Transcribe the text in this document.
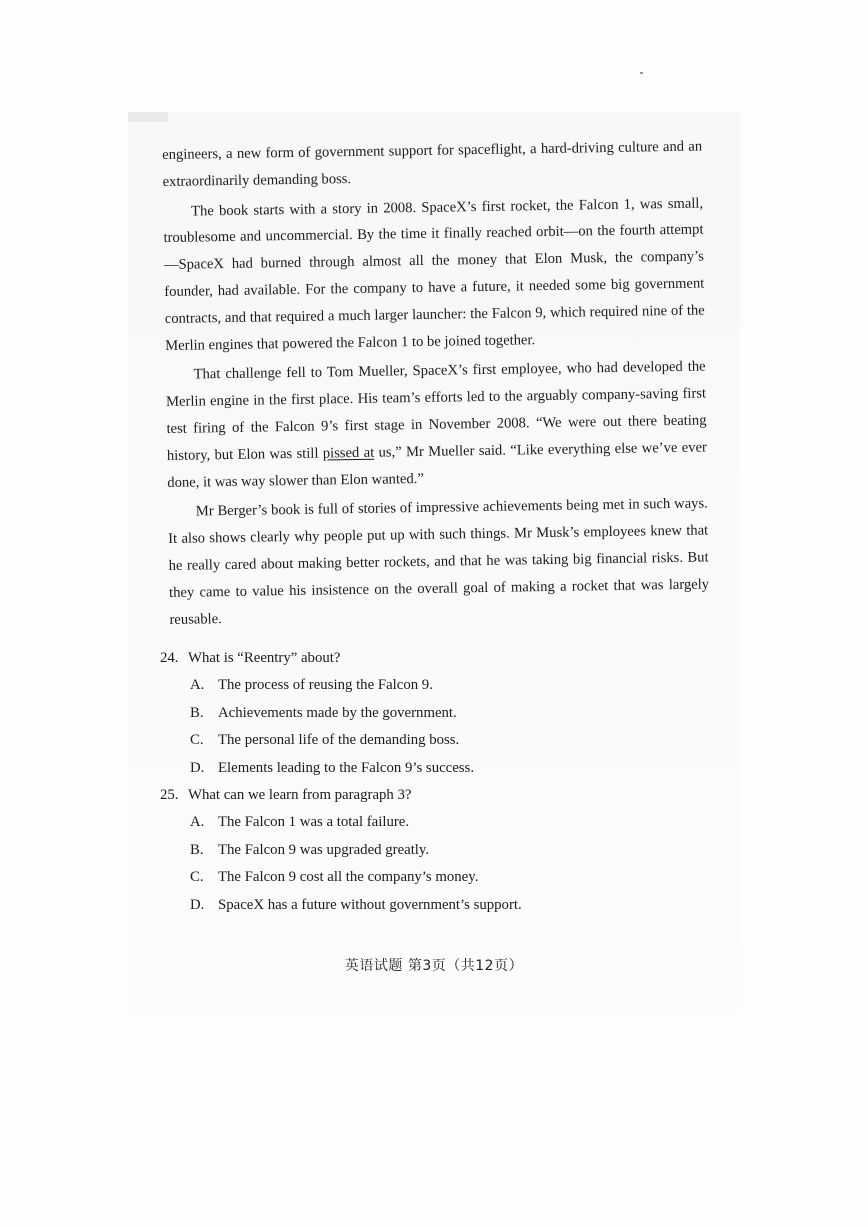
engineers, a new form of government support for spaceflight, a hard-driving culture and an extraordinarily demanding boss.

The book starts with a story in 2008. SpaceX’s first rocket, the Falcon 1, was small, troublesome and uncommercial. By the time it finally reached orbit—on the fourth attempt—SpaceX had burned through almost all the money that Elon Musk, the company’s founder, had available. For the company to have a future, it needed some big government contracts, and that required a much larger launcher: the Falcon 9, which required nine of the Merlin engines that powered the Falcon 1 to be joined together.

That challenge fell to Tom Mueller, SpaceX’s first employee, who had developed the Merlin engine in the first place. His team’s efforts led to the arguably company-saving first test firing of the Falcon 9’s first stage in November 2008. “We were out there beating history, but Elon was still pissed at us,” Mr Mueller said. “Like everything else we’ve ever done, it was way slower than Elon wanted.”

Mr Berger’s book is full of stories of impressive achievements being met in such ways. It also shows clearly why people put up with such things. Mr Musk’s employees knew that he really cared about making better rockets, and that he was taking big financial risks. But they came to value his insistence on the overall goal of making a rocket that was largely reusable.

24. What is “Reentry” about?
A. The process of reusing the Falcon 9.
B. Achievements made by the government.
C. The personal life of the demanding boss.
D. Elements leading to the Falcon 9’s success.
25. What can we learn from paragraph 3?
A. The Falcon 1 was a total failure.
B. The Falcon 9 was upgraded greatly.
C. The Falcon 9 cost all the company’s money.
D. SpaceX has a future without government’s support.
英语试题 第3页（共12页）
